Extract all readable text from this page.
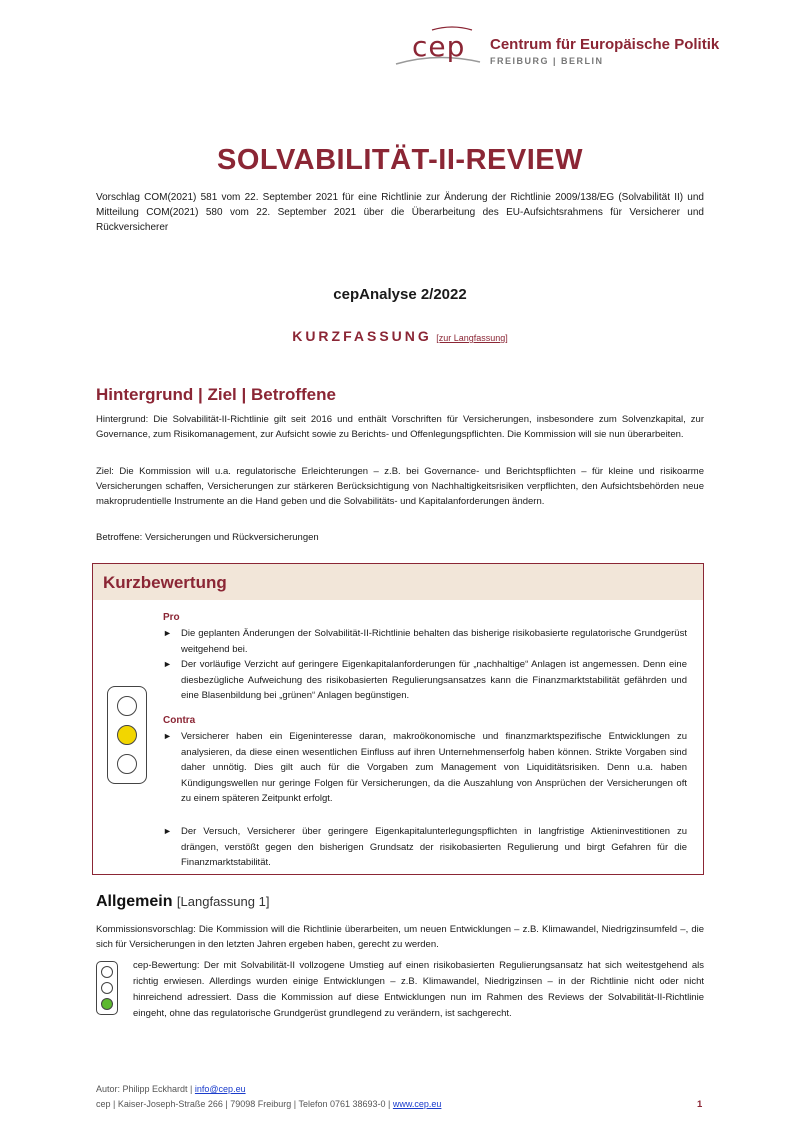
cep Centrum für Europäische Politik
FREIBURG | BERLIN
SOLVABILITÄT-II-REVIEW
Vorschlag COM(2021) 581 vom 22. September 2021 für eine Richtlinie zur Änderung der Richtlinie 2009/138/EG (Solvabilität II) und Mitteilung COM(2021) 580 vom 22. September 2021 über die Überarbeitung des EU-Aufsichtsrahmens für Versicherer und Rückversicherer
cepAnalyse 2/2022
KURZFASSUNG [zur Langfassung]
Hintergrund | Ziel | Betroffene
Hintergrund: Die Solvabilität-II-Richtlinie gilt seit 2016 und enthält Vorschriften für Versicherungen, insbesondere zum Solvenzkapital, zur Governance, zum Risikomanagement, zur Aufsicht sowie zu Berichts- und Offenlegungspflichten. Die Kommission will sie nun überarbeiten.
Ziel: Die Kommission will u.a. regulatorische Erleichterungen – z.B. bei Governance- und Berichtspflichten – für kleine und risikoarme Versicherungen schaffen, Versicherungen zur stärkeren Berücksichtigung von Nachhaltigkeitsrisiken verpflichten, den Aufsichtsbehörden neue makroprudentielle Instrumente an die Hand geben und die Solvabilitäts- und Kapitalanforderungen ändern.
Betroffene: Versicherungen und Rückversicherungen
Kurzbewertung
Pro
► Die geplanten Änderungen der Solvabilität-II-Richtlinie behalten das bisherige risikobasierte regulatorische Grundgerüst weitgehend bei.
► Der vorläufige Verzicht auf geringere Eigenkapitalanforderungen für „nachhaltige“ Anlagen ist angemessen. Denn eine diesbezügliche Aufweichung des risikobasierten Regulierungsansatzes kann die Finanzmarktstabilität gefährden und eine Blasenbildung bei „grünen“ Anlagen begünstigen.
Contra
► Versicherer haben ein Eigeninteresse daran, makroökonomische und finanzmarktspezifische Entwicklungen zu analysieren, da diese einen wesentlichen Einfluss auf ihren Unternehmenserfolg haben können. Strikte Vorgaben sind daher unnötig. Dies gilt auch für die Vorgaben zum Management von Liquiditätsrisiken. Denn u.a. haben Kündigungswellen nur geringe Folgen für Versicherungen, da die Auszahlung von Ansprüchen der Versicherungen oft zu einem späteren Zeitpunkt erfolgt.
► Der Versuch, Versicherer über geringere Eigenkapitalunterlegungspflichten in langfristige Aktieninvestitionen zu drängen, verstößt gegen den bisherigen Grundsatz der risikobasierten Regulierung und birgt Gefahren für die Finanzmarktstabilität.
Allgemein [Langfassung 1]
Kommissionsvorschlag: Die Kommission will die Richtlinie überarbeiten, um neuen Entwicklungen – z.B. Klimawandel, Niedrigzinsumfeld –, die sich für Versicherungen in den letzten Jahren ergeben haben, gerecht zu werden.
cep-Bewertung: Der mit Solvabilität-II vollzogene Umstieg auf einen risikobasierten Regulierungsansatz hat sich weitestgehend als richtig erwiesen. Allerdings wurden einige Entwicklungen – z.B. Klimawandel, Niedrigzinsen – in der Richtlinie nicht oder nicht hinreichend adressiert. Dass die Kommission auf diese Entwicklungen nun im Rahmen des Reviews der Solvabilität-II-Richtlinie eingeht, ohne das regulatorische Grundgerüst grundlegend zu verändern, ist sachgerecht.
Autor: Philipp Eckhardt | info@cep.eu
cep | Kaiser-Joseph-Straße 266 | 79098 Freiburg | Telefon 0761 38693-0 | www.cep.eu	1
